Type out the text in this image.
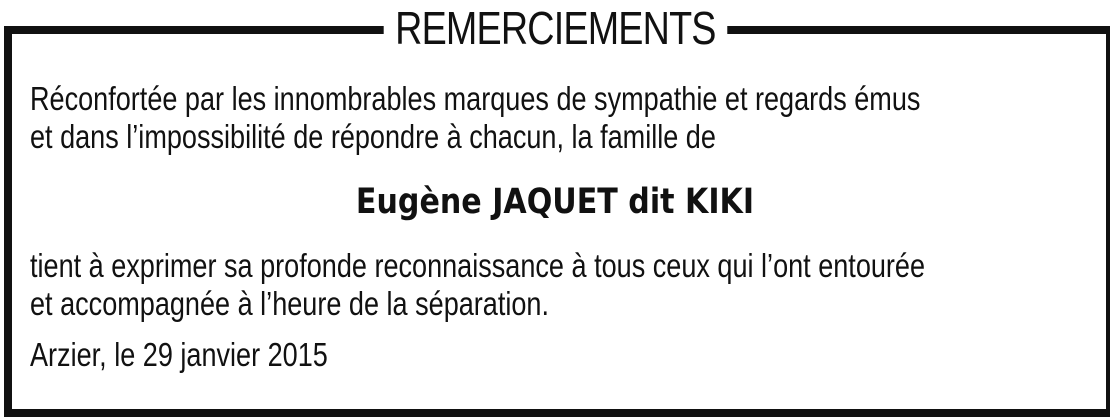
REMERCIEMENTS
Réconfortée par les innombrables marques de sympathie et regards émus
et dans l’impossibilité de répondre à chacun, la famille de
Eugène JAQUET dit KIKI
tient à exprimer sa profonde reconnaissance à tous ceux qui l’ont entourée
et accompagnée à l’heure de la séparation.
Arzier, le 29 janvier 2015
